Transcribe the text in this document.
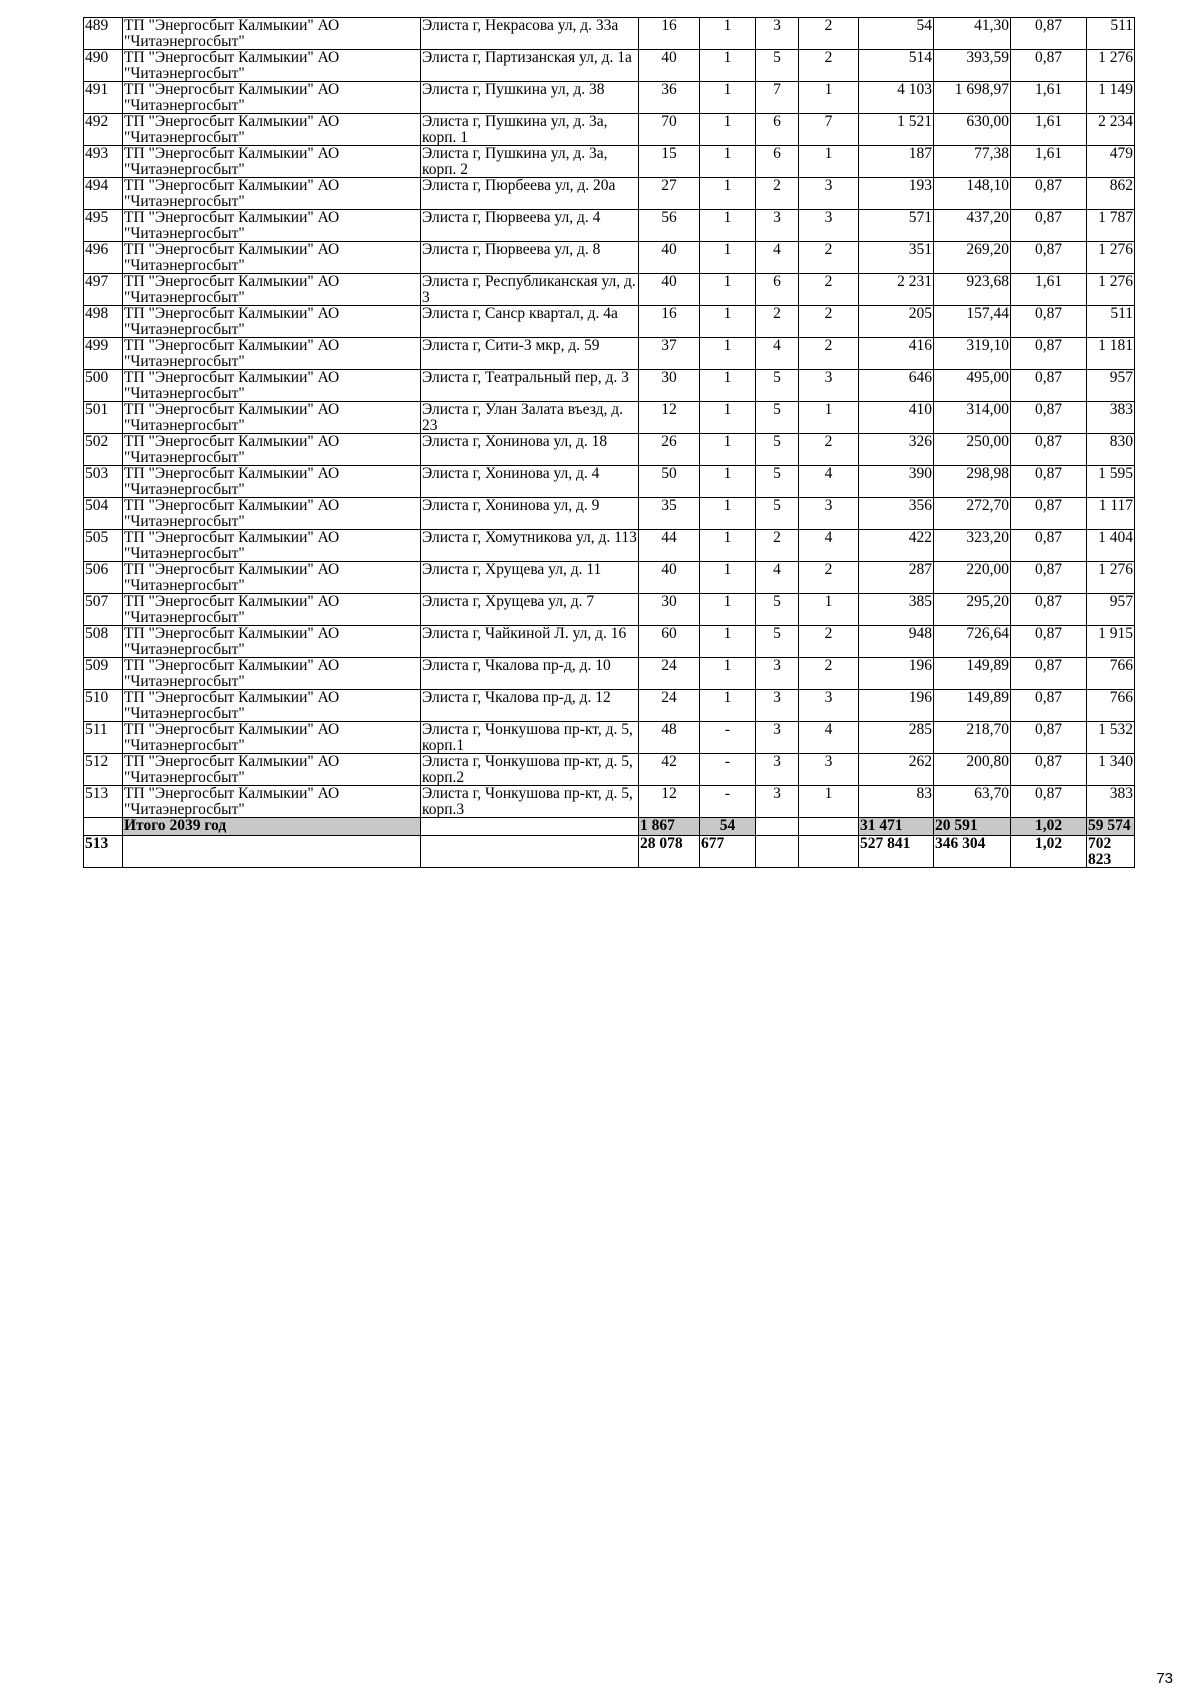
489	ТП "Энергосбыт Калмыкии" АО "Читаэнергосбыт"	Элиста г, Некрасова ул, д. 33а	16	1	3	2	54	41,30	0,87	511
490	ТП "Энергосбыт Калмыкии" АО "Читаэнергосбыт"	Элиста г, Партизанская ул, д. 1а	40	1	5	2	514	393,59	0,87	1 276
491	ТП "Энергосбыт Калмыкии" АО "Читаэнергосбыт"	Элиста г, Пушкина ул, д. 38	36	1	7	1	4 103	1 698,97	1,61	1 149
492	ТП "Энергосбыт Калмыкии" АО "Читаэнергосбыт"	Элиста г, Пушкина ул, д. 3а, корп. 1	70	1	6	7	1 521	630,00	1,61	2 234
493	ТП "Энергосбыт Калмыкии" АО "Читаэнергосбыт"	Элиста г, Пушкина ул, д. 3а, корп. 2	15	1	6	1	187	77,38	1,61	479
494	ТП "Энергосбыт Калмыкии" АО "Читаэнергосбыт"	Элиста г, Пюрбеева ул, д. 20а	27	1	2	3	193	148,10	0,87	862
495	ТП "Энергосбыт Калмыкии" АО "Читаэнергосбыт"	Элиста г, Пюрвеева ул, д. 4	56	1	3	3	571	437,20	0,87	1 787
496	ТП "Энергосбыт Калмыкии" АО "Читаэнергосбыт"	Элиста г, Пюрвеева ул, д. 8	40	1	4	2	351	269,20	0,87	1 276
497	ТП "Энергосбыт Калмыкии" АО "Читаэнергосбыт"	Элиста г, Республиканская ул, д. 3	40	1	6	2	2 231	923,68	1,61	1 276
498	ТП "Энергосбыт Калмыкии" АО "Читаэнергосбыт"	Элиста г, Санср квартал, д. 4а	16	1	2	2	205	157,44	0,87	511
499	ТП "Энергосбыт Калмыкии" АО "Читаэнергосбыт"	Элиста г, Сити-3 мкр, д. 59	37	1	4	2	416	319,10	0,87	1 181
500	ТП "Энергосбыт Калмыкии" АО "Читаэнергосбыт"	Элиста г, Театральный пер, д. 3	30	1	5	3	646	495,00	0,87	957
501	ТП "Энергосбыт Калмыкии" АО "Читаэнергосбыт"	Элиста г, Улан Залата въезд, д. 23	12	1	5	1	410	314,00	0,87	383
502	ТП "Энергосбыт Калмыкии" АО "Читаэнергосбыт"	Элиста г, Хонинова ул, д. 18	26	1	5	2	326	250,00	0,87	830
503	ТП "Энергосбыт Калмыкии" АО "Читаэнергосбыт"	Элиста г, Хонинова ул, д. 4	50	1	5	4	390	298,98	0,87	1 595
504	ТП "Энергосбыт Калмыкии" АО "Читаэнергосбыт"	Элиста г, Хонинова ул, д. 9	35	1	5	3	356	272,70	0,87	1 117
505	ТП "Энергосбыт Калмыкии" АО "Читаэнергосбыт"	Элиста г, Хомутникова ул, д. 113	44	1	2	4	422	323,20	0,87	1 404
506	ТП "Энергосбыт Калмыкии" АО "Читаэнергосбыт"	Элиста г, Хрущева ул, д. 11	40	1	4	2	287	220,00	0,87	1 276
507	ТП "Энергосбыт Калмыкии" АО "Читаэнергосбыт"	Элиста г, Хрущева ул, д. 7	30	1	5	1	385	295,20	0,87	957
508	ТП "Энергосбыт Калмыкии" АО "Читаэнергосбыт"	Элиста г, Чайкиной Л. ул, д. 16	60	1	5	2	948	726,64	0,87	1 915
509	ТП "Энергосбыт Калмыкии" АО "Читаэнергосбыт"	Элиста г, Чкалова пр-д, д. 10	24	1	3	2	196	149,89	0,87	766
510	ТП "Энергосбыт Калмыкии" АО "Читаэнергосбыт"	Элиста г, Чкалова пр-д, д. 12	24	1	3	3	196	149,89	0,87	766
511	ТП "Энергосбыт Калмыкии" АО "Читаэнергосбыт"	Элиста г, Чонкушова пр-кт, д. 5, корп.1	48	-	3	4	285	218,70	0,87	1 532
512	ТП "Энергосбыт Калмыкии" АО "Читаэнергосбыт"	Элиста г, Чонкушова пр-кт, д. 5, корп.2	42	-	3	3	262	200,80	0,87	1 340
513	ТП "Энергосбыт Калмыкии" АО "Читаэнергосбыт"	Элиста г, Чонкушова пр-кт, д. 5, корп.3	12	-	3	1	83	63,70	0,87	383
	Итого 2039 год		1 867	54			31 471	20 591	1,02	59 574
513			28 078	677			527 841	346 304	1,02	702 823
73
